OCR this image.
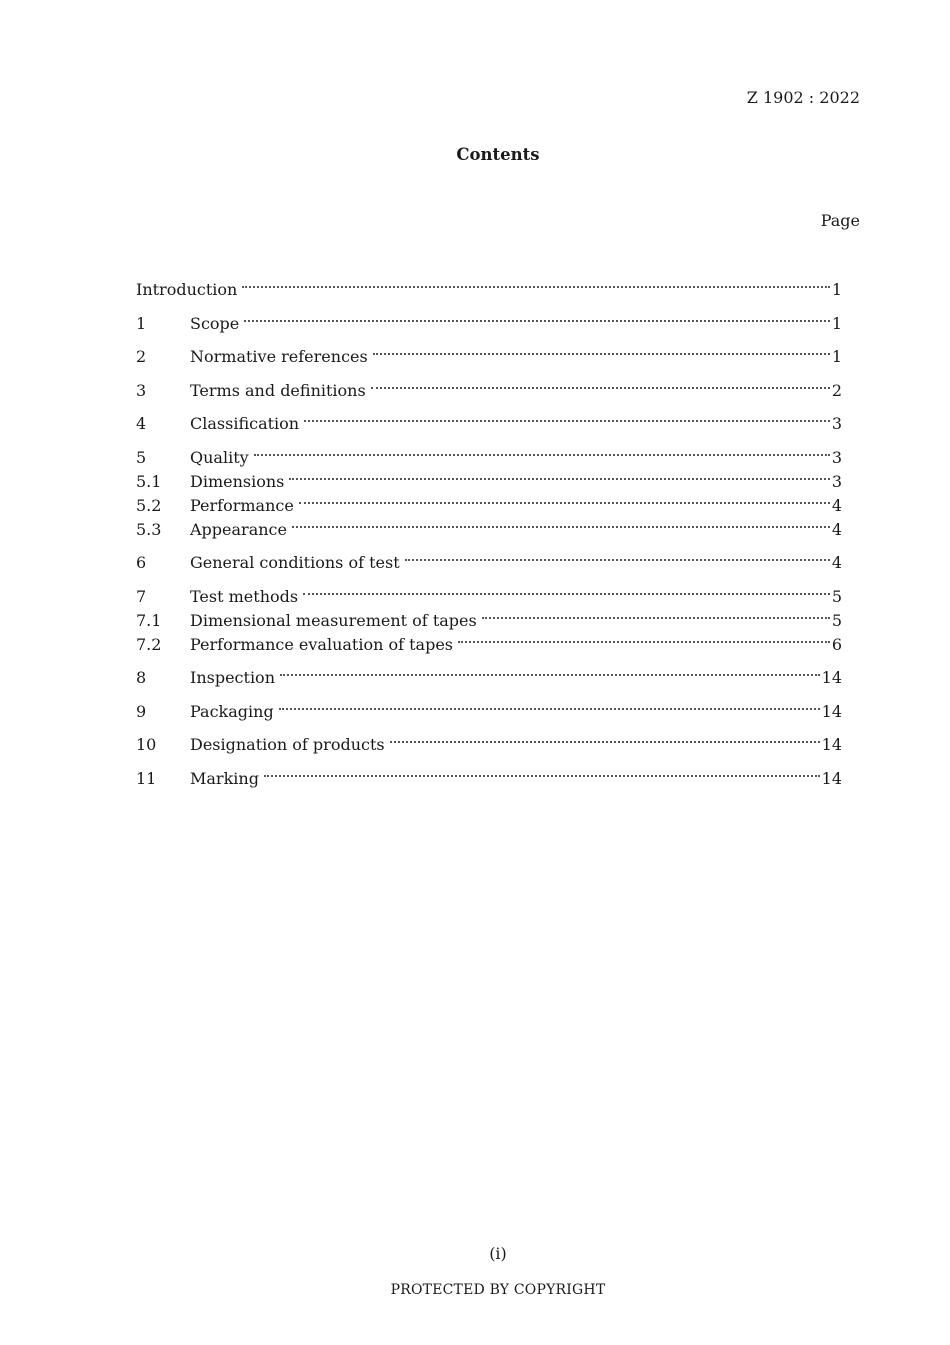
Z 1902 : 2022
Contents
Page
Introduction	1
1	Scope	1
2	Normative references	1
3	Terms and definitions	2
4	Classification	3
5	Quality	3
5.1	Dimensions	3
5.2	Performance	4
5.3	Appearance	4
6	General conditions of test	4
7	Test methods	5
7.1	Dimensional measurement of tapes	5
7.2	Performance evaluation of tapes	6
8	Inspection	14
9	Packaging	14
10	Designation of products	14
11	Marking	14
(i)
PROTECTED BY COPYRIGHT
